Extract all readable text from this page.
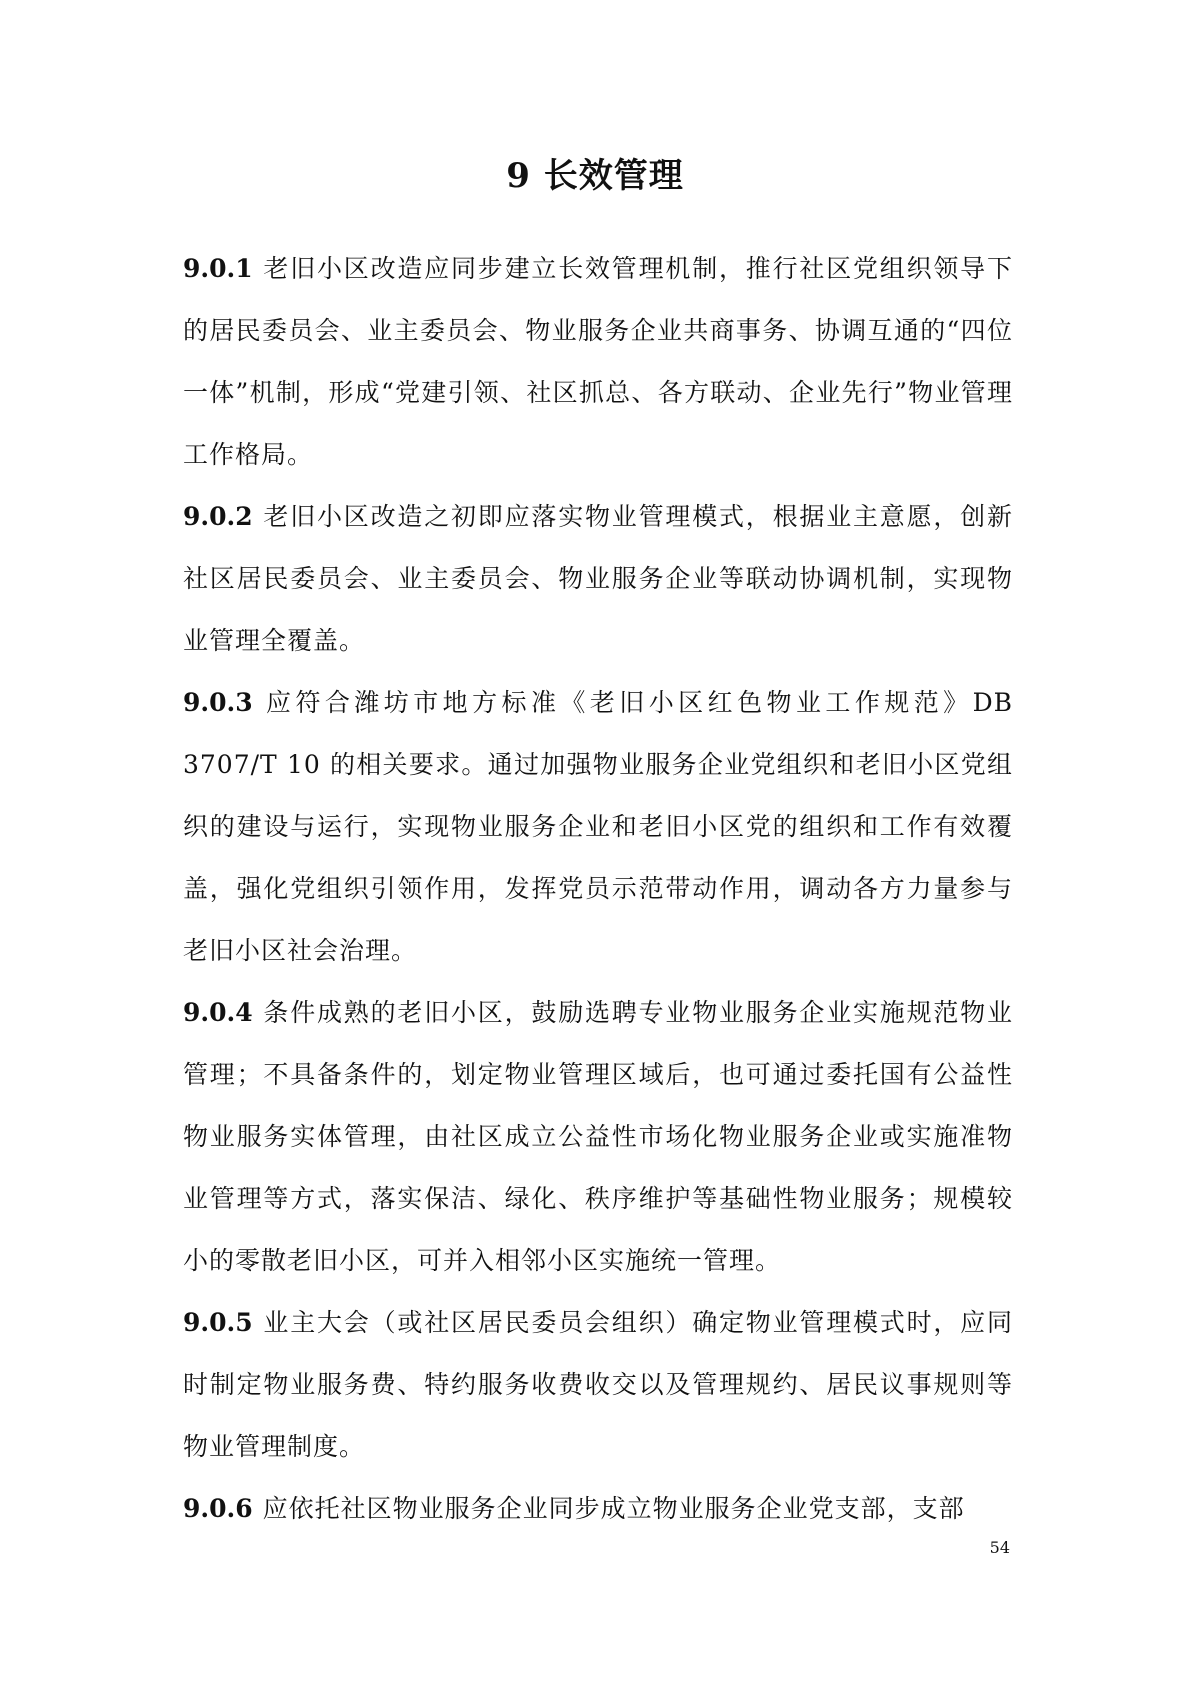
9 长效管理

9.0.1 老旧小区改造应同步建立长效管理机制，推行社区党组织领导下的居民委员会、业主委员会、物业服务企业共商事务、协调互通的“四位一体”机制，形成“党建引领、社区抓总、各方联动、企业先行”物业管理工作格局。

9.0.2 老旧小区改造之初即应落实物业管理模式，根据业主意愿，创新社区居民委员会、业主委员会、物业服务企业等联动协调机制，实现物业管理全覆盖。

9.0.3 应符合潍坊市地方标准《老旧小区红色物业工作规范》DB 3707/T 10 的相关要求。通过加强物业服务企业党组织和老旧小区党组织的建设与运行，实现物业服务企业和老旧小区党的组织和工作有效覆盖，强化党组织引领作用，发挥党员示范带动作用，调动各方力量参与老旧小区社会治理。

9.0.4 条件成熟的老旧小区，鼓励选聘专业物业服务企业实施规范物业管理；不具备条件的，划定物业管理区域后，也可通过委托国有公益性物业服务实体管理，由社区成立公益性市场化物业服务企业或实施准物业管理等方式，落实保洁、绿化、秩序维护等基础性物业服务；规模较小的零散老旧小区，可并入相邻小区实施统一管理。

9.0.5 业主大会（或社区居民委员会组织）确定物业管理模式时，应同时制定物业服务费、特约服务收费收交以及管理规约、居民议事规则等物业管理制度。

9.0.6 应依托社区物业服务企业同步成立物业服务企业党支部，支部

54
